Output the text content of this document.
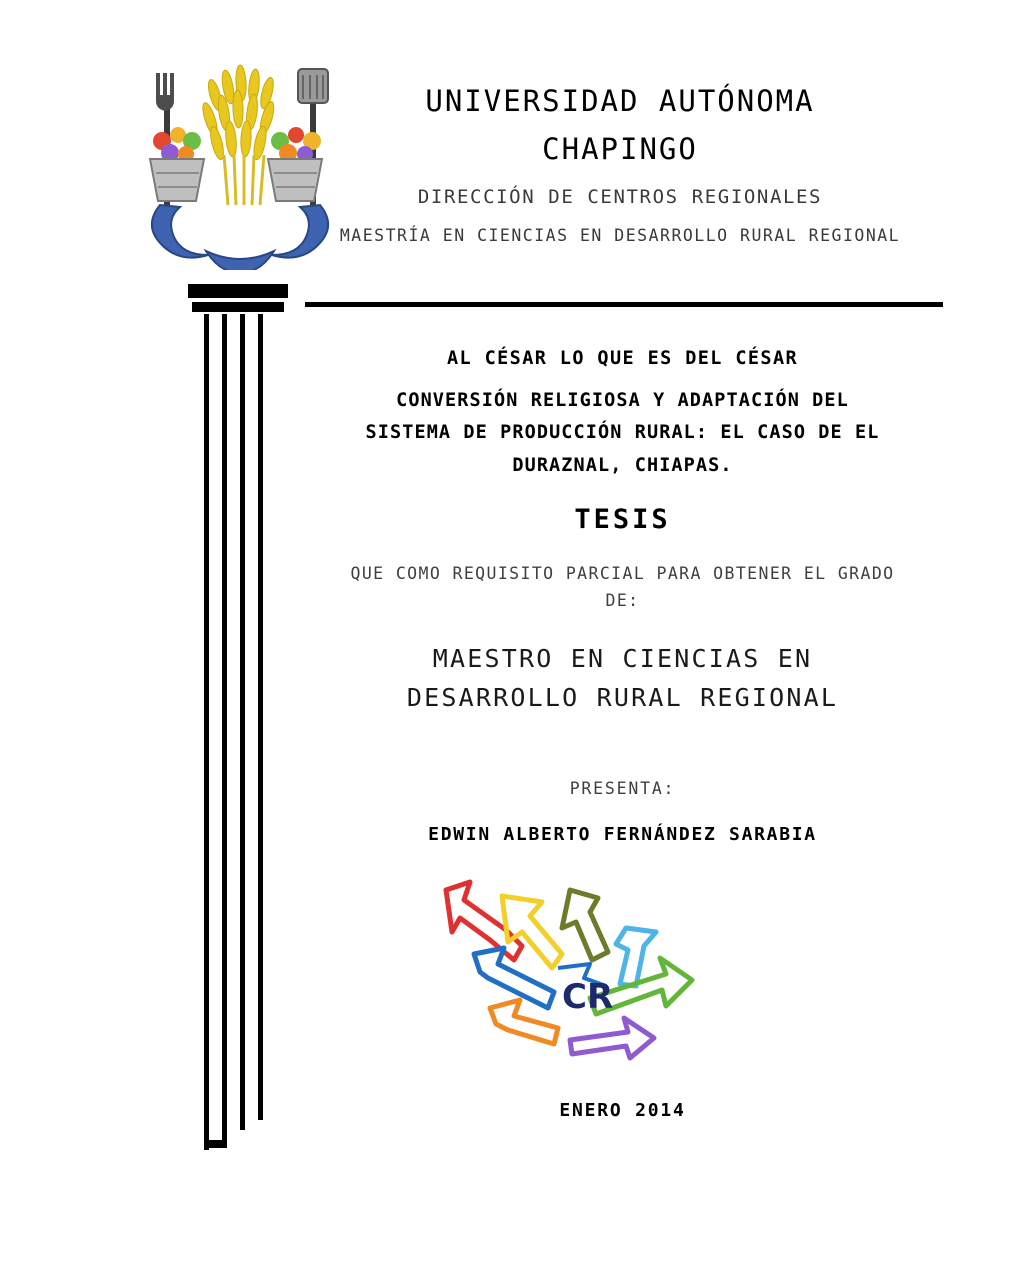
UNIVERSIDAD AUTÓNOMA
CHAPINGO
DIRECCIÓN DE CENTROS REGIONALES
MAESTRÍA EN CIENCIAS EN DESARROLLO RURAL REGIONAL
AL CÉSAR LO QUE ES DEL CÉSAR
CONVERSIÓN RELIGIOSA Y ADAPTACIÓN DEL
SISTEMA DE PRODUCCIÓN RURAL: EL CASO DE EL
DURAZNAL, CHIAPAS.
TESIS
QUE COMO REQUISITO PARCIAL PARA OBTENER EL GRADO
DE:
MAESTRO EN CIENCIAS EN
DESARROLLO RURAL REGIONAL
PRESENTA:
EDWIN ALBERTO FERNÁNDEZ SARABIA
CR
ENERO 2014
